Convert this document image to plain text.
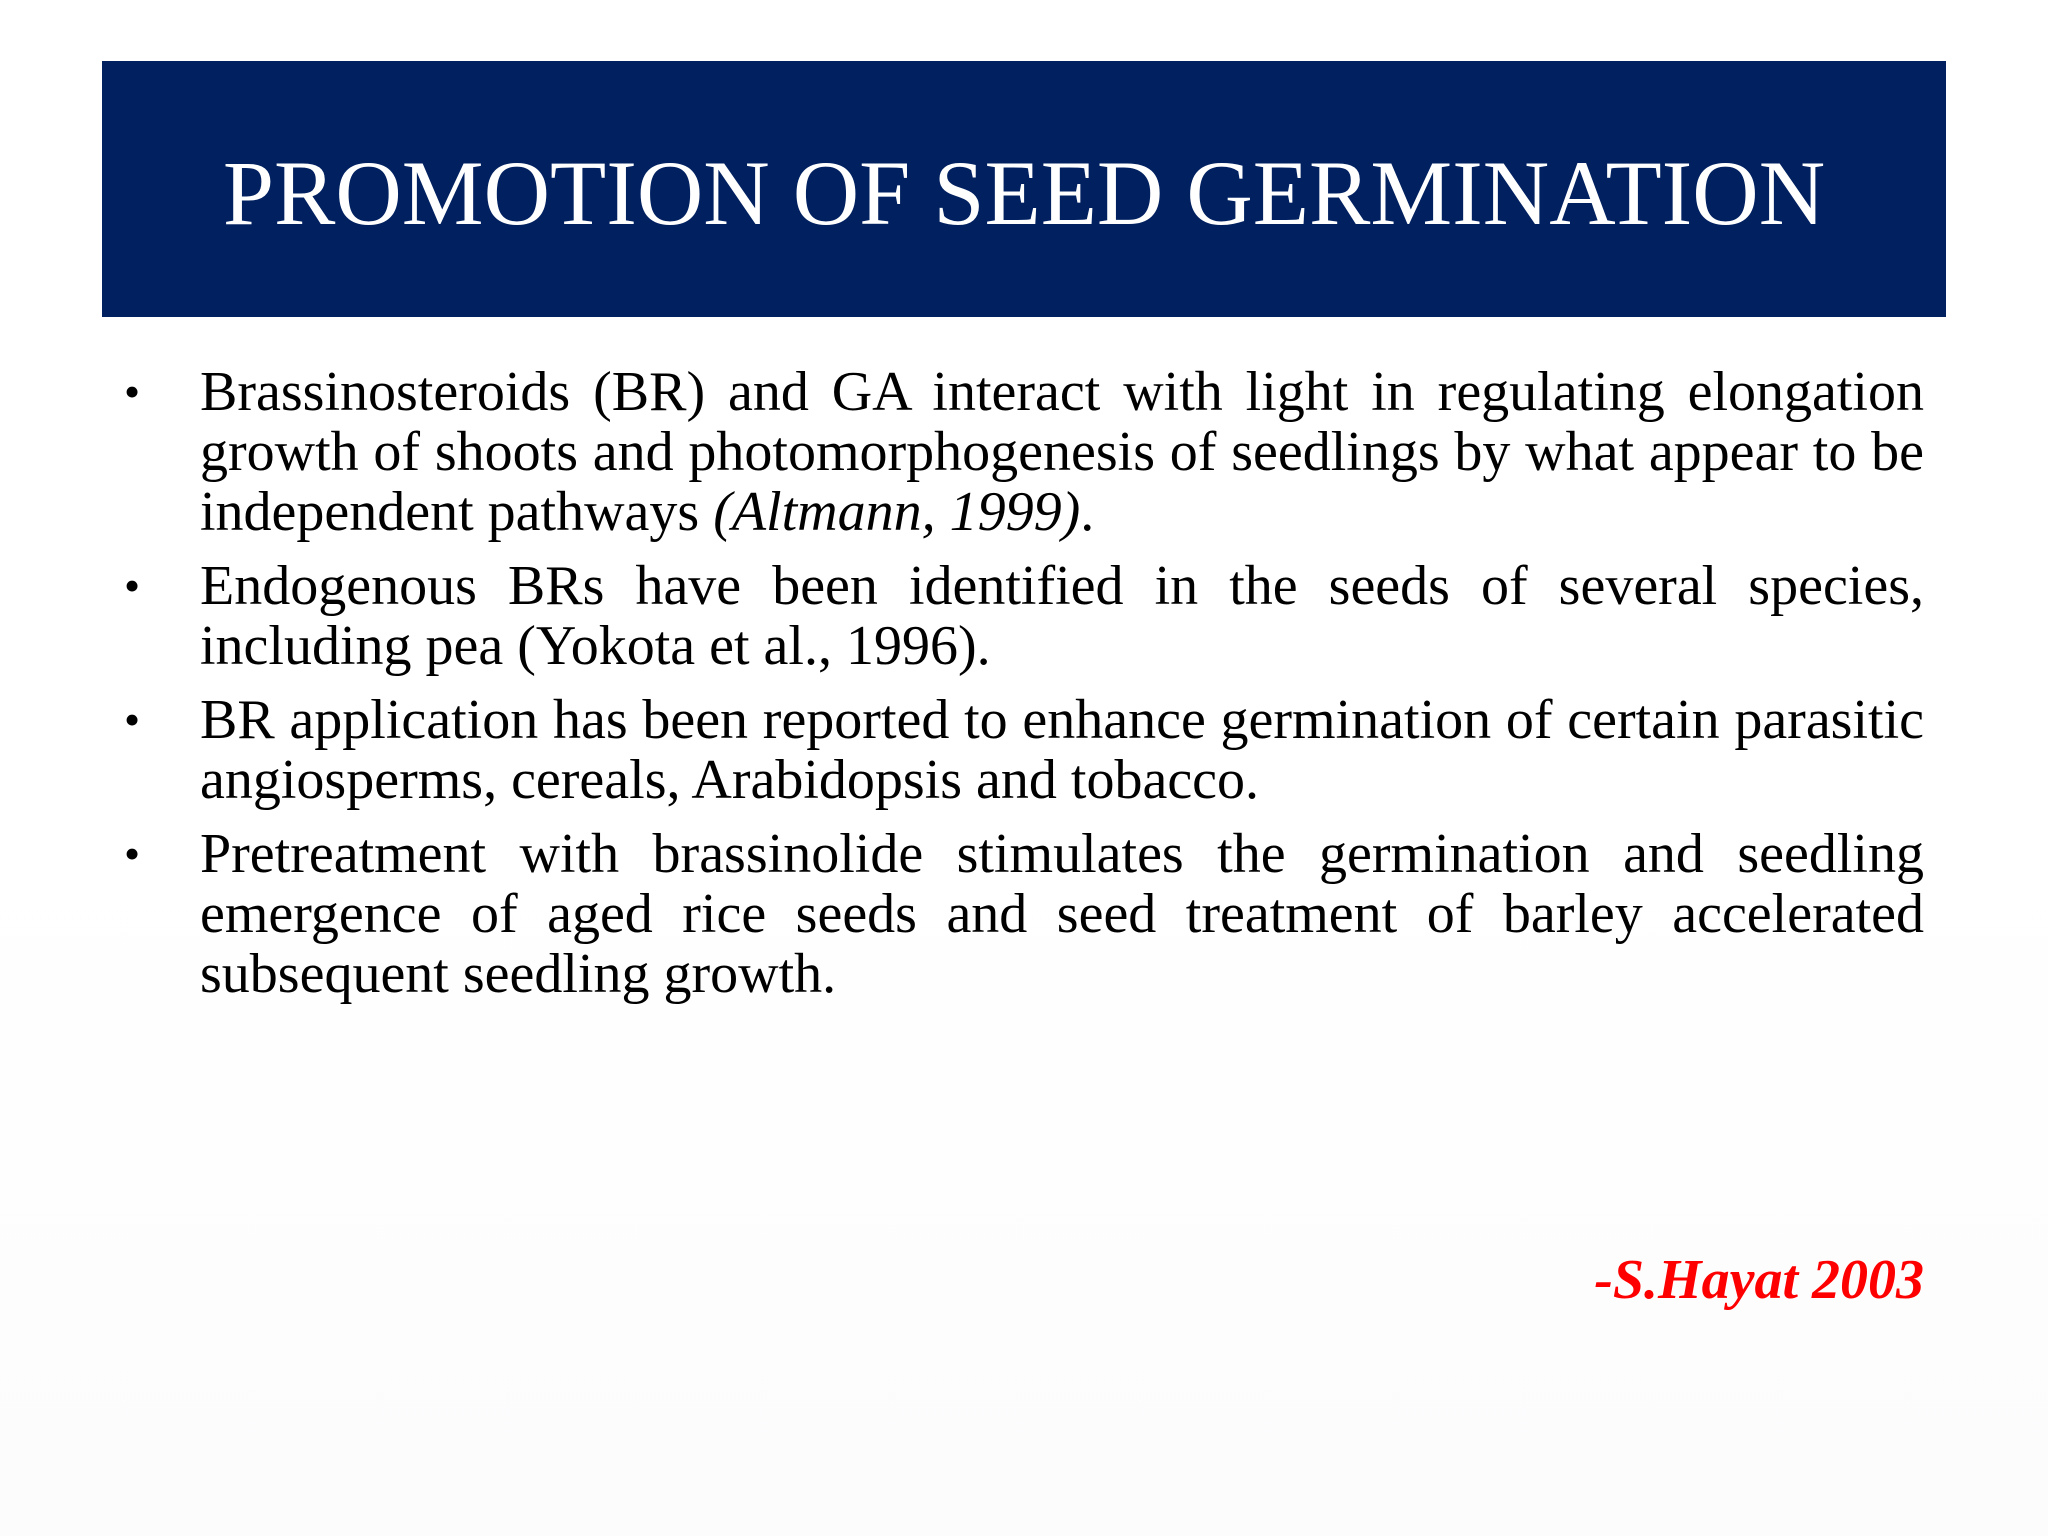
PROMOTION OF SEED GERMINATION
• Brassinosteroids (BR) and GA interact with light in regulating elongation growth of shoots and photomorphogenesis of seedlings by what appear to be independent pathways (Altmann, 1999).
• Endogenous BRs have been identified in the seeds of several species, including pea (Yokota et al., 1996).
• BR application has been reported to enhance germination of certain parasitic angiosperms, cereals, Arabidopsis and tobacco.
• Pretreatment with brassinolide stimulates the germination and seedling emergence of aged rice seeds and seed treatment of barley accelerated subsequent seedling growth.
-S.Hayat 2003
